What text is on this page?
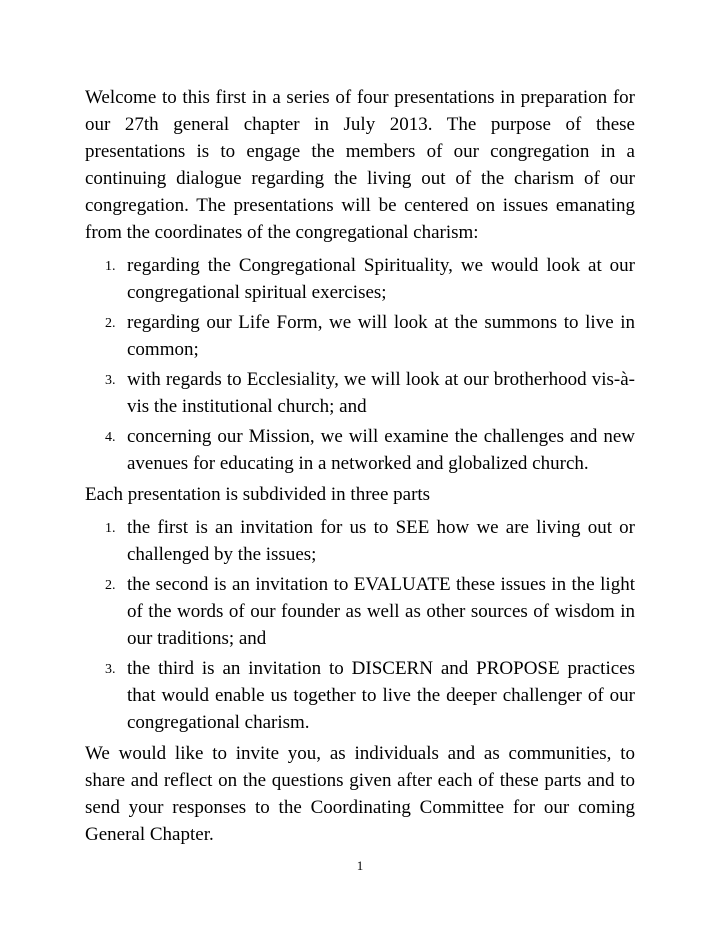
Welcome to this first in a series of four presentations in preparation for our 27th general chapter in July 2013. The purpose of these presentations is to engage the members of our congregation in a continuing dialogue regarding the living out of the charism of our congregation. The presentations will be centered on issues emanating from the coordinates of the congregational charism:

1. regarding the Congregational Spirituality, we would look at our congregational spiritual exercises;
2. regarding our Life Form, we will look at the summons to live in common;
3. with regards to Ecclesiality, we will look at our brotherhood vis-à-vis the institutional church; and
4. concerning our Mission, we will examine the challenges and new avenues for educating in a networked and globalized church.

Each presentation is subdivided in three parts

1. the first is an invitation for us to SEE how we are living out or challenged by the issues;
2. the second is an invitation to EVALUATE these issues in the light of the words of our founder as well as other sources of wisdom in our traditions; and
3. the third is an invitation to DISCERN and PROPOSE practices that would enable us together to live the deeper challenger of our congregational charism.

We would like to invite you, as individuals and as communities, to share and reflect on the questions given after each of these parts and to send your responses to the Coordinating Committee for our coming General Chapter.

1
